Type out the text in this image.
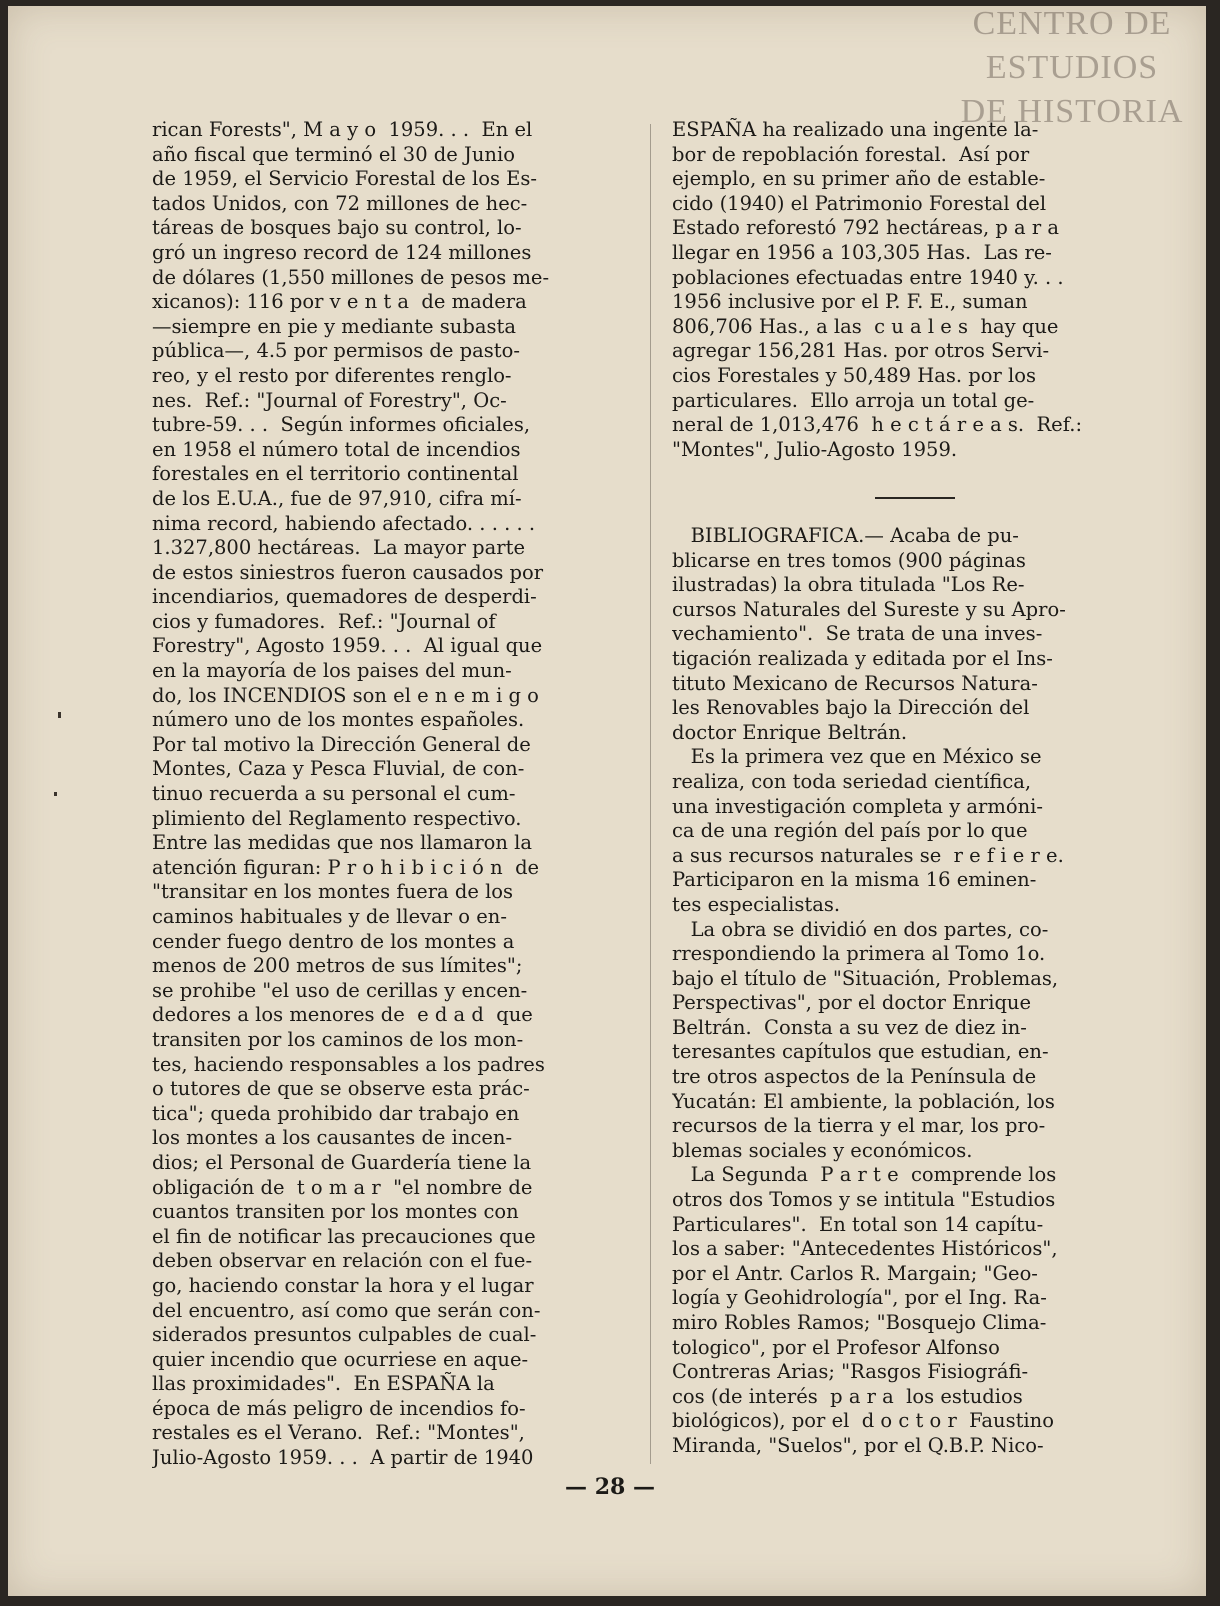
CENTRO DE
ESTUDIOS
DE HISTORIA
rican Forests", M a y o  1959. . .  En el
año fiscal que terminó el 30 de Junio
de 1959, el Servicio Forestal de los Es-
tados Unidos, con 72 millones de hec-
táreas de bosques bajo su control, lo-
gró un ingreso record de 124 millones
de dólares (1,550 millones de pesos me-
xicanos): 116 por v e n t a  de madera
—siempre en pie y mediante subasta
pública—, 4.5 por permisos de pasto-
reo, y el resto por diferentes renglo-
nes.  Ref.: "Journal of Forestry", Oc-
tubre-59. . .  Según informes oficiales,
en 1958 el número total de incendios
forestales en el territorio continental
de los E.U.A., fue de 97,910, cifra mí-
nima record, habiendo afectado. . . . . .
1.327,800 hectáreas.  La mayor parte
de estos siniestros fueron causados por
incendiarios, quemadores de desperdi-
cios y fumadores.  Ref.: "Journal of
Forestry", Agosto 1959. . .  Al igual que
en la mayoría de los paises del mun-
do, los INCENDIOS son el e n e m i g o
número uno de los montes españoles.
Por tal motivo la Dirección General de
Montes, Caza y Pesca Fluvial, de con-
tinuo recuerda a su personal el cum-
plimiento del Reglamento respectivo.
Entre las medidas que nos llamaron la
atención figuran: P r o h i b i c i ó n  de
"transitar en los montes fuera de los
caminos habituales y de llevar o en-
cender fuego dentro de los montes a
menos de 200 metros de sus límites";
se prohibe "el uso de cerillas y encen-
dedores a los menores de  e d a d  que
transiten por los caminos de los mon-
tes, haciendo responsables a los padres
o tutores de que se observe esta prác-
tica"; queda prohibido dar trabajo en
los montes a los causantes de incen-
dios; el Personal de Guardería tiene la
obligación de  t o m a r  "el nombre de
cuantos transiten por los montes con
el fin de notificar las precauciones que
deben observar en relación con el fue-
go, haciendo constar la hora y el lugar
del encuentro, así como que serán con-
siderados presuntos culpables de cual-
quier incendio que ocurriese en aque-
llas proximidades".  En ESPAÑA la
época de más peligro de incendios fo-
restales es el Verano.  Ref.: "Montes",
Julio-Agosto 1959. . .  A partir de 1940
ESPAÑA ha realizado una ingente la-
bor de repoblación forestal.  Así por
ejemplo, en su primer año de estable-
cido (1940) el Patrimonio Forestal del
Estado reforestó 792 hectáreas, p a r a
llegar en 1956 a 103,305 Has.  Las re-
poblaciones efectuadas entre 1940 y. . .
1956 inclusive por el P. F. E., suman
806,706 Has., a las  c u a l e s  hay que
agregar 156,281 Has. por otros Servi-
cios Forestales y 50,489 Has. por los
particulares.  Ello arroja un total ge-
neral de 1,013,476  h e c t á r e a s.  Ref.:
"Montes", Julio-Agosto 1959.
BIBLIOGRAFICA.— Acaba de pu-
blicarse en tres tomos (900 páginas
ilustradas) la obra titulada "Los Re-
cursos Naturales del Sureste y su Apro-
vechamiento".  Se trata de una inves-
tigación realizada y editada por el Ins-
tituto Mexicano de Recursos Natura-
les Renovables bajo la Dirección del
doctor Enrique Beltrán.
Es la primera vez que en México se
realiza, con toda seriedad científica,
una investigación completa y armóni-
ca de una región del país por lo que
a sus recursos naturales se  r e f i e r e.
Participaron en la misma 16 eminen-
tes especialistas.
La obra se dividió en dos partes, co-
rrespondiendo la primera al Tomo 1o.
bajo el título de "Situación, Problemas,
Perspectivas", por el doctor Enrique
Beltrán.  Consta a su vez de diez in-
teresantes capítulos que estudian, en-
tre otros aspectos de la Península de
Yucatán: El ambiente, la población, los
recursos de la tierra y el mar, los pro-
blemas sociales y económicos.
La Segunda  P a r t e  comprende los
otros dos Tomos y se intitula "Estudios
Particulares".  En total son 14 capítu-
los a saber: "Antecedentes Históricos",
por el Antr. Carlos R. Margain; "Geo-
logía y Geohidrología", por el Ing. Ra-
miro Robles Ramos; "Bosquejo Clima-
tologico", por el Profesor Alfonso
Contreras Arias; "Rasgos Fisiográfi-
cos (de interés  p a r a  los estudios
biológicos), por el  d o c t o r  Faustino
Miranda, "Suelos", por el Q.B.P. Nico-
— 28 —
